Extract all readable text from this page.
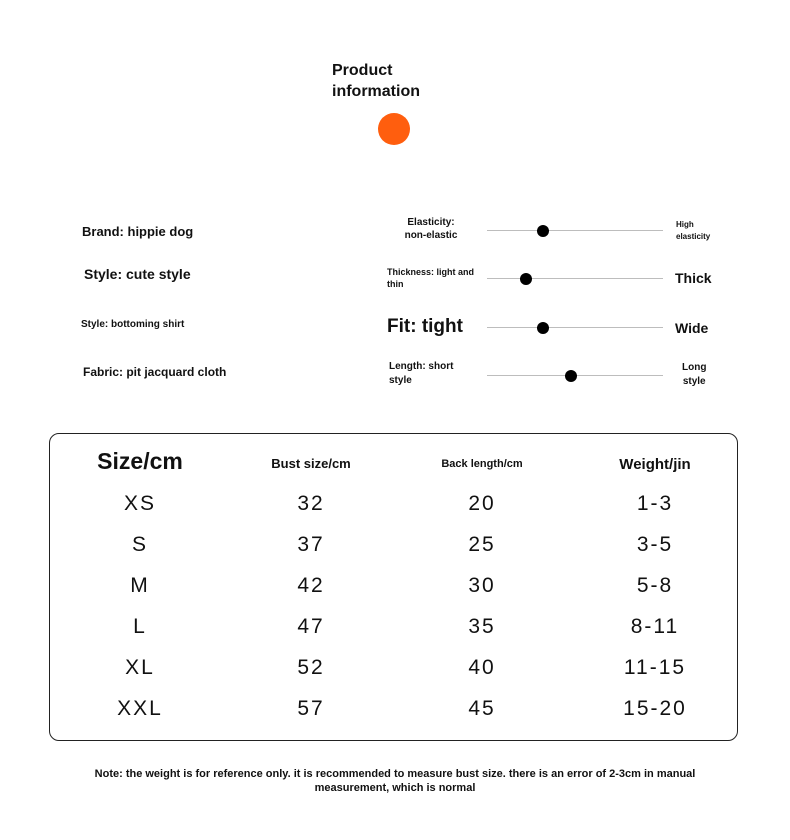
Product
information
Brand: hippie dog
Style: cute style
Style: bottoming shirt
Fabric: pit jacquard cloth
Elasticity:
non-elastic
High
elasticity
Thickness: light and
thin	Thick
Fit: tight	Wide
Length: short
style
Long
style
Size/cm	Bust size/cm	Back length/cm	Weight/jin
XS	32	20	1-3
S	37	25	3-5
M	42	30	5-8
L	47	35	8-11
XL	52	40	11-15
XXL	57	45	15-20
Note: the weight is for reference only. it is recommended to measure bust size. there is an error of 2-3cm in manual measurement, which is normal
